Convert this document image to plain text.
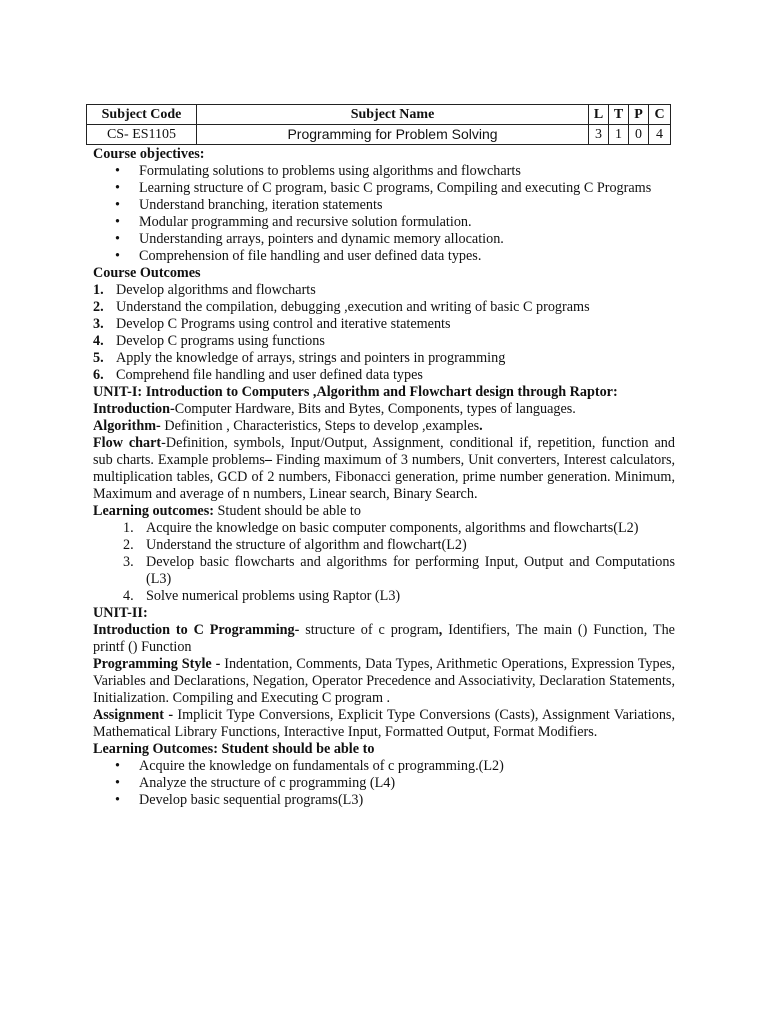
Subject Code	Subject Name	L	T	P	C
CS- ES1105	Programming for Problem Solving	3	1	0	4

Course objectives:

• Formulating solutions to problems using algorithms and flowcharts
• Learning structure of C program, basic C programs, Compiling and executing C Programs
• Understand branching, iteration statements
• Modular programming and recursive solution formulation.
• Understanding arrays, pointers and dynamic memory allocation.
• Comprehension of file handling and user defined data types.

Course Outcomes

1. Develop algorithms and flowcharts
2. Understand the compilation, debugging ,execution and writing of basic C programs
3. Develop C Programs using control and iterative statements
4. Develop C programs using functions
5. Apply the knowledge of arrays, strings and pointers in programming
6. Comprehend file handling and user defined data types

UNIT-I: Introduction to Computers ,Algorithm and Flowchart design through Raptor:

Introduction-Computer Hardware, Bits and Bytes, Components, types of languages.

Algorithm- Definition , Characteristics, Steps to develop ,examples.

Flow chart-Definition, symbols, Input/Output, Assignment, conditional if, repetition, function and sub charts. Example problems– Finding maximum of 3 numbers, Unit converters, Interest calculators, multiplication tables, GCD of 2 numbers, Fibonacci generation, prime number generation. Minimum, Maximum and average of n numbers, Linear search, Binary Search.

Learning outcomes: Student should be able to

1. Acquire the knowledge on basic computer components, algorithms and flowcharts(L2)
2. Understand the structure of algorithm and flowchart(L2)
3. Develop basic flowcharts and algorithms for performing Input, Output and Computations (L3)
4. Solve numerical problems using Raptor (L3)

UNIT-II:

Introduction to C Programming- structure of c program, Identifiers, The main () Function, The printf () Function

Programming Style - Indentation, Comments, Data Types, Arithmetic Operations, Expression Types, Variables and Declarations, Negation, Operator Precedence and Associativity, Declaration Statements, Initialization. Compiling and Executing C program .

Assignment - Implicit Type Conversions, Explicit Type Conversions (Casts), Assignment Variations, Mathematical Library Functions, Interactive Input, Formatted Output, Format Modifiers.

Learning Outcomes: Student should be able to

• Acquire the knowledge on fundamentals of c programming.(L2)
• Analyze the structure of c programming (L4)
• Develop basic sequential programs(L3)
